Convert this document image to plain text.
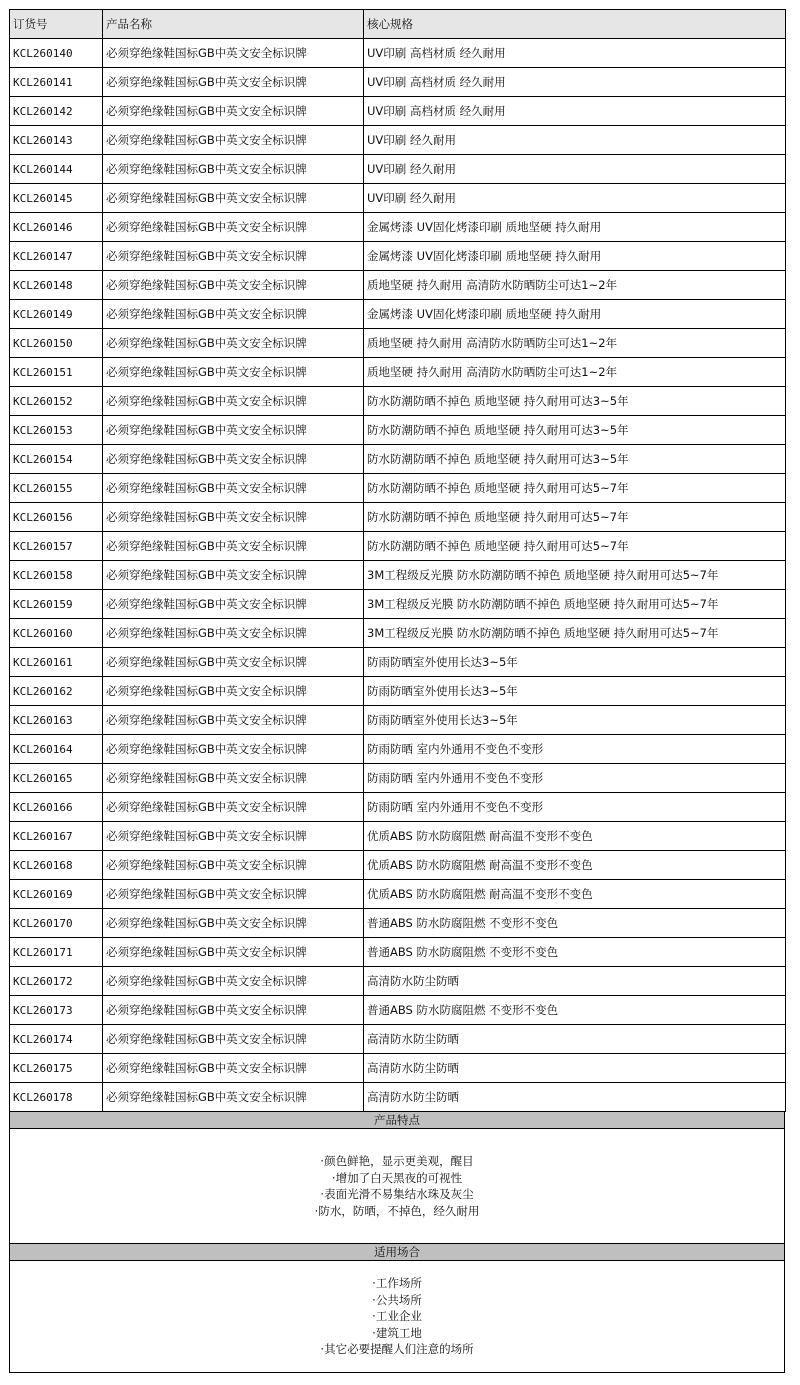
订货号	产品名称	核心规格
KCL260140	必须穿绝缘鞋国标GB中英文安全标识牌	UV印刷 高档材质 经久耐用
KCL260141	必须穿绝缘鞋国标GB中英文安全标识牌	UV印刷 高档材质 经久耐用
KCL260142	必须穿绝缘鞋国标GB中英文安全标识牌	UV印刷 高档材质 经久耐用
KCL260143	必须穿绝缘鞋国标GB中英文安全标识牌	UV印刷 经久耐用
KCL260144	必须穿绝缘鞋国标GB中英文安全标识牌	UV印刷 经久耐用
KCL260145	必须穿绝缘鞋国标GB中英文安全标识牌	UV印刷 经久耐用
KCL260146	必须穿绝缘鞋国标GB中英文安全标识牌	金属烤漆 UV固化烤漆印刷 质地坚硬 持久耐用
KCL260147	必须穿绝缘鞋国标GB中英文安全标识牌	金属烤漆 UV固化烤漆印刷 质地坚硬 持久耐用
KCL260148	必须穿绝缘鞋国标GB中英文安全标识牌	质地坚硬 持久耐用 高清防水防晒防尘可达1~2年
KCL260149	必须穿绝缘鞋国标GB中英文安全标识牌	金属烤漆 UV固化烤漆印刷 质地坚硬 持久耐用
KCL260150	必须穿绝缘鞋国标GB中英文安全标识牌	质地坚硬 持久耐用 高清防水防晒防尘可达1~2年
KCL260151	必须穿绝缘鞋国标GB中英文安全标识牌	质地坚硬 持久耐用 高清防水防晒防尘可达1~2年
KCL260152	必须穿绝缘鞋国标GB中英文安全标识牌	防水防潮防晒不掉色 质地坚硬 持久耐用可达3~5年
KCL260153	必须穿绝缘鞋国标GB中英文安全标识牌	防水防潮防晒不掉色 质地坚硬 持久耐用可达3~5年
KCL260154	必须穿绝缘鞋国标GB中英文安全标识牌	防水防潮防晒不掉色 质地坚硬 持久耐用可达3~5年
KCL260155	必须穿绝缘鞋国标GB中英文安全标识牌	防水防潮防晒不掉色 质地坚硬 持久耐用可达5~7年
KCL260156	必须穿绝缘鞋国标GB中英文安全标识牌	防水防潮防晒不掉色 质地坚硬 持久耐用可达5~7年
KCL260157	必须穿绝缘鞋国标GB中英文安全标识牌	防水防潮防晒不掉色 质地坚硬 持久耐用可达5~7年
KCL260158	必须穿绝缘鞋国标GB中英文安全标识牌	3M工程级反光膜 防水防潮防晒不掉色 质地坚硬 持久耐用可达5~7年
KCL260159	必须穿绝缘鞋国标GB中英文安全标识牌	3M工程级反光膜 防水防潮防晒不掉色 质地坚硬 持久耐用可达5~7年
KCL260160	必须穿绝缘鞋国标GB中英文安全标识牌	3M工程级反光膜 防水防潮防晒不掉色 质地坚硬 持久耐用可达5~7年
KCL260161	必须穿绝缘鞋国标GB中英文安全标识牌	防雨防晒室外使用长达3~5年
KCL260162	必须穿绝缘鞋国标GB中英文安全标识牌	防雨防晒室外使用长达3~5年
KCL260163	必须穿绝缘鞋国标GB中英文安全标识牌	防雨防晒室外使用长达3~5年
KCL260164	必须穿绝缘鞋国标GB中英文安全标识牌	防雨防晒 室内外通用不变色不变形
KCL260165	必须穿绝缘鞋国标GB中英文安全标识牌	防雨防晒 室内外通用不变色不变形
KCL260166	必须穿绝缘鞋国标GB中英文安全标识牌	防雨防晒 室内外通用不变色不变形
KCL260167	必须穿绝缘鞋国标GB中英文安全标识牌	优质ABS 防水防腐阻燃 耐高温不变形不变色
KCL260168	必须穿绝缘鞋国标GB中英文安全标识牌	优质ABS 防水防腐阻燃 耐高温不变形不变色
KCL260169	必须穿绝缘鞋国标GB中英文安全标识牌	优质ABS 防水防腐阻燃 耐高温不变形不变色
KCL260170	必须穿绝缘鞋国标GB中英文安全标识牌	普通ABS 防水防腐阻燃 不变形不变色
KCL260171	必须穿绝缘鞋国标GB中英文安全标识牌	普通ABS 防水防腐阻燃 不变形不变色
KCL260172	必须穿绝缘鞋国标GB中英文安全标识牌	高清防水防尘防晒
KCL260173	必须穿绝缘鞋国标GB中英文安全标识牌	普通ABS 防水防腐阻燃 不变形不变色
KCL260174	必须穿绝缘鞋国标GB中英文安全标识牌	高清防水防尘防晒
KCL260175	必须穿绝缘鞋国标GB中英文安全标识牌	高清防水防尘防晒
KCL260178	必须穿绝缘鞋国标GB中英文安全标识牌	高清防水防尘防晒
产品特点
·颜色鲜艳，显示更美观，醒目
·增加了白天黑夜的可视性
·表面光滑不易集结水珠及灰尘
·防水，防晒，不掉色，经久耐用
适用场合
·工作场所
·公共场所
·工业企业
·建筑工地
·其它必要提醒人们注意的场所
